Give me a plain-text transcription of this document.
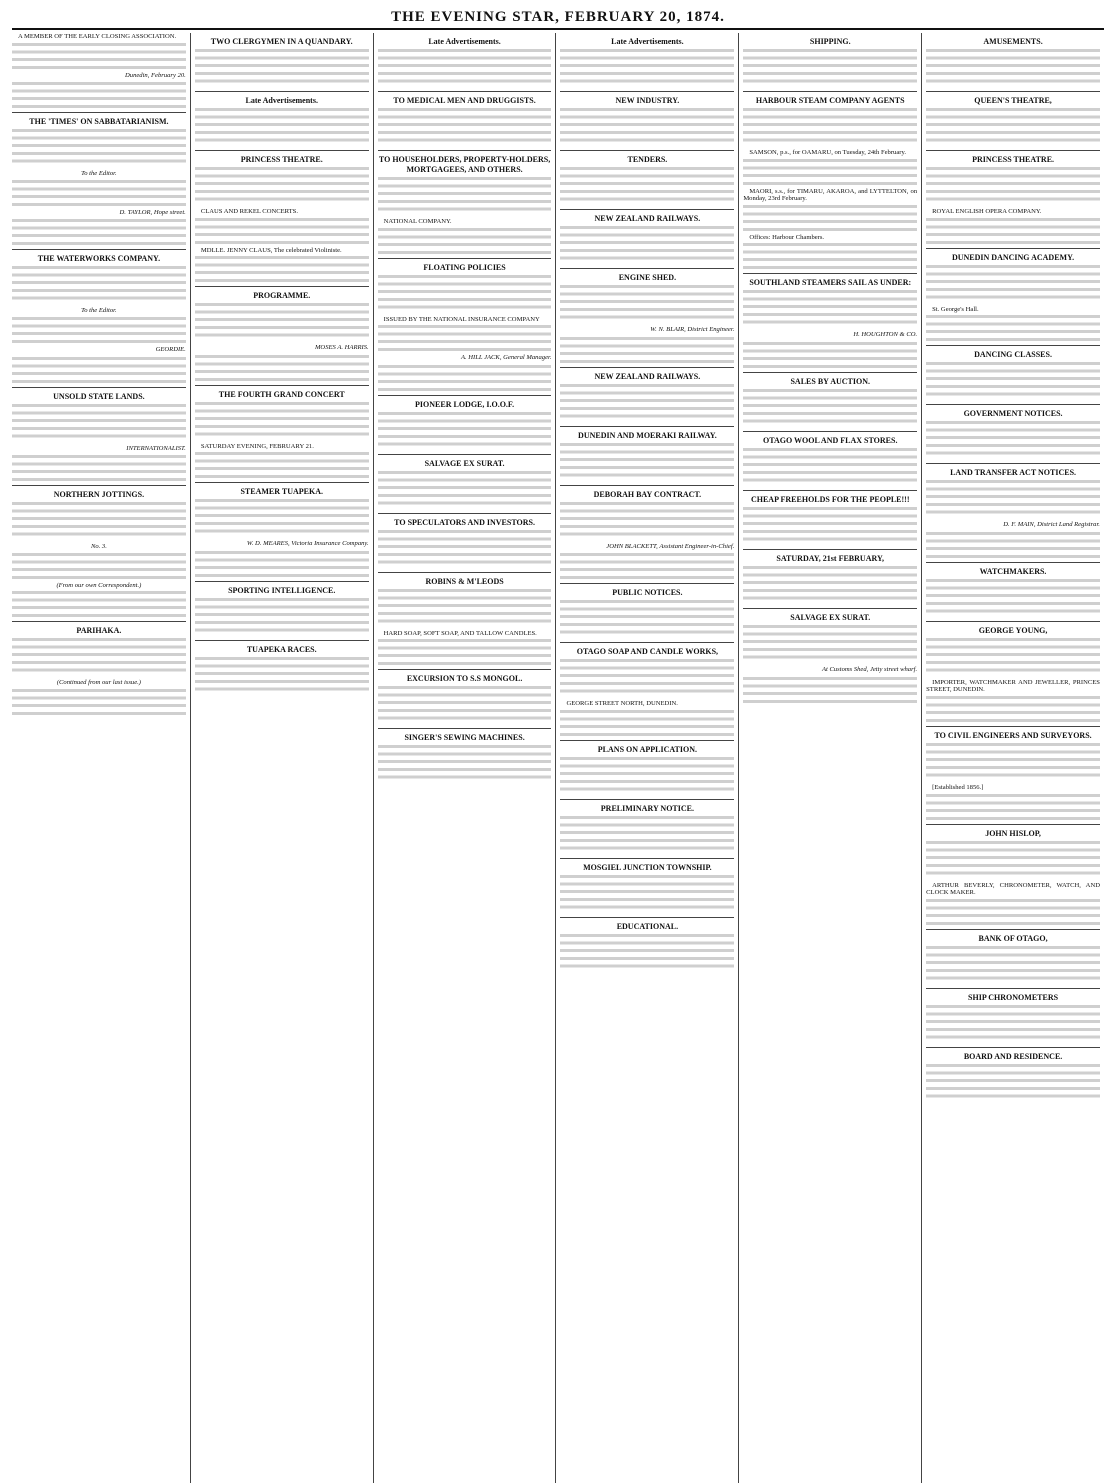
THE EVENING STAR, FEBRUARY 20, 1874.
A MEMBER OF THE EARLY CLOSING ASSOCIATION.
Dunedin, February 20.
THE 'TIMES' ON SABBATARIANISM.
To the Editor.
D. TAYLOR, Hope street.
THE WATERWORKS COMPANY.
To the Editor.
GEORDIE.
UNSOLD STATE LANDS.
INTERNATIONALIST.
NORTHERN JOTTINGS.
No. 3.
(From our own Correspondent.)
PARIHAKA.
(Continued from our last issue.)
TWO CLERGYMEN IN A QUANDARY.
Late Advertisements.
PRINCESS THEATRE.
CLAUS AND REKEL CONCERTS.
MDLLE. JENNY CLAUS, The celebrated Violiniste.
PROGRAMME.
MOSES A. HARRIS.
THE FOURTH GRAND CONCERT
SATURDAY EVENING, FEBRUARY 21.
STEAMER TUAPEKA.
W. D. MEARES, Victoria Insurance Company.
SPORTING INTELLIGENCE.
TUAPEKA RACES.
Late Advertisements.
TO MEDICAL MEN AND DRUGGISTS.
TO HOUSEHOLDERS, PROPERTY-HOLDERS, MORTGAGEES, AND OTHERS.
NATIONAL COMPANY.
FLOATING POLICIES
ISSUED BY THE NATIONAL INSURANCE COMPANY
A. HILL JACK, General Manager.
PIONEER LODGE, I.O.O.F.
SALVAGE EX SURAT.
TO SPECULATORS AND INVESTORS.
ROBINS & M'LEODS
HARD SOAP, SOFT SOAP, AND TALLOW CANDLES.
EXCURSION TO S.S MONGOL.
SINGER'S SEWING MACHINES.
Late Advertisements.
NEW INDUSTRY.
TENDERS.
NEW ZEALAND RAILWAYS.
ENGINE SHED.
W. N. BLAIR, District Engineer.
NEW ZEALAND RAILWAYS.
DUNEDIN AND MOERAKI RAILWAY.
DEBORAH BAY CONTRACT.
JOHN BLACKETT, Assistant Engineer-in-Chief.
PUBLIC NOTICES.
OTAGO SOAP AND CANDLE WORKS,
GEORGE STREET NORTH, DUNEDIN.
PLANS ON APPLICATION.
PRELIMINARY NOTICE.
MOSGIEL JUNCTION TOWNSHIP.
EDUCATIONAL.
SHIPPING.
HARBOUR STEAM COMPANY AGENTS
SAMSON, p.s., for OAMARU, on Tuesday, 24th February.
MAORI, s.s., for TIMARU, AKAROA, and LYTTELTON, on Monday, 23rd February.
Offices: Harbour Chambers.
SOUTHLAND STEAMERS SAIL AS UNDER:
H. HOUGHTON & CO.
SALES BY AUCTION.
OTAGO WOOL AND FLAX STORES.
CHEAP FREEHOLDS FOR THE PEOPLE!!!
SATURDAY, 21st FEBRUARY,
SALVAGE EX SURAT.
At Customs Shed, Jetty street wharf.
AMUSEMENTS.
QUEEN'S THEATRE,
PRINCESS THEATRE.
ROYAL ENGLISH OPERA COMPANY.
DUNEDIN DANCING ACADEMY.
St. George's Hall.
DANCING CLASSES.
GOVERNMENT NOTICES.
LAND TRANSFER ACT NOTICES.
D. F. MAIN, District Land Registrar.
WATCHMAKERS.
GEORGE YOUNG,
IMPORTER, WATCHMAKER AND JEWELLER, PRINCES STREET, DUNEDIN.
TO CIVIL ENGINEERS AND SURVEYORS.
[Established 1856.]
JOHN HISLOP,
ARTHUR BEVERLY, CHRONOMETER, WATCH, AND CLOCK MAKER.
BANK OF OTAGO,
SHIP CHRONOMETERS
BOARD AND RESIDENCE.
